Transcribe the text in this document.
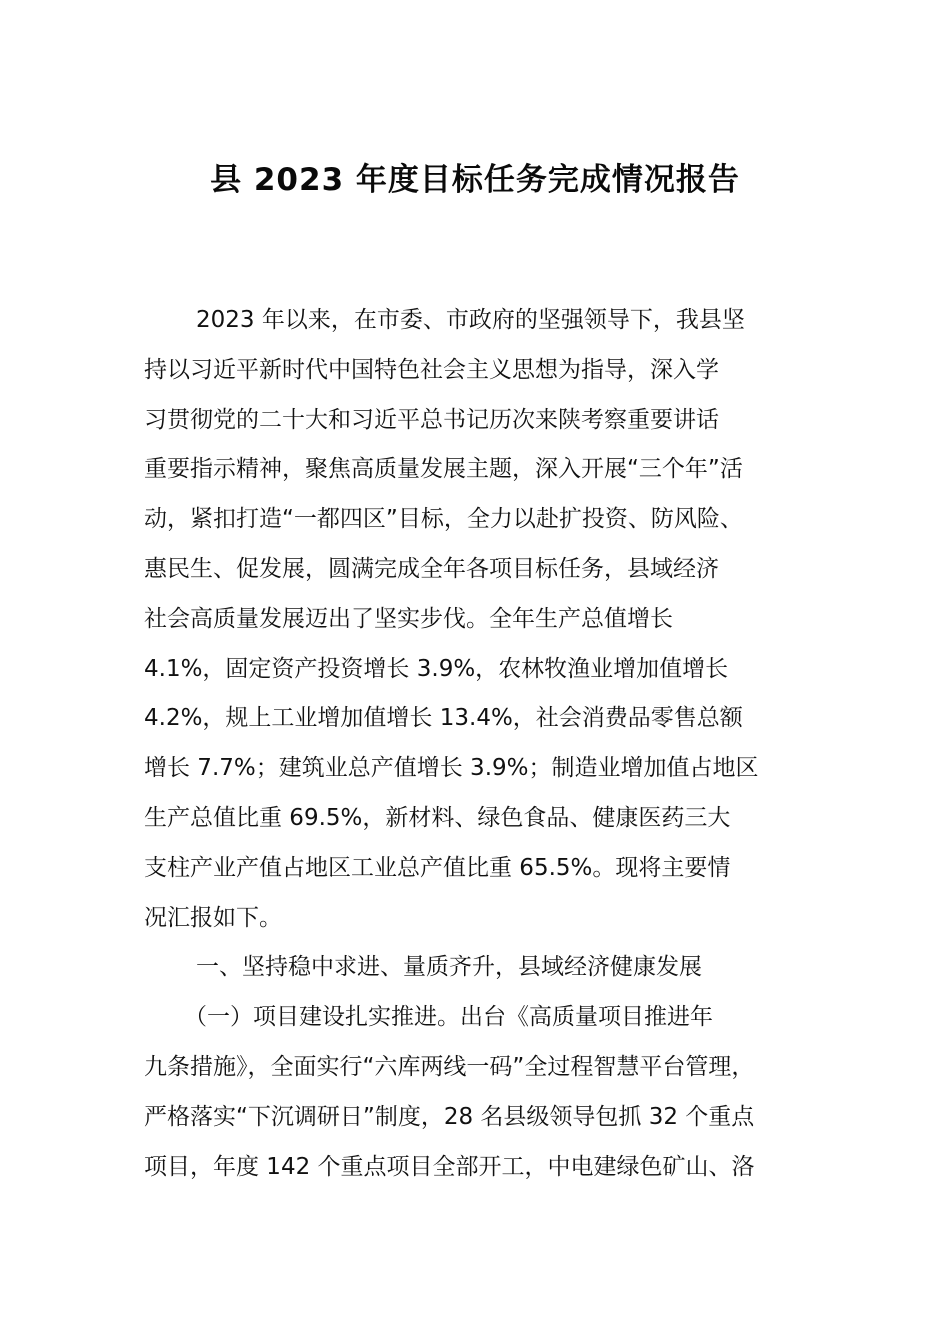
县 2023 年度目标任务完成情况报告
2023 年以来，在市委、市政府的坚强领导下，我县坚
持以习近平新时代中国特色社会主义思想为指导，深入学
习贯彻党的二十大和习近平总书记历次来陕考察重要讲话
重要指示精神，聚焦高质量发展主题，深入开展“三个年”活
动，紧扣打造“一都四区”目标，全力以赴扩投资、防风险、
惠民生、促发展，圆满完成全年各项目标任务，县域经济
社会高质量发展迈出了坚实步伐。全年生产总值增长
4.1%，固定资产投资增长 3.9%，农林牧渔业增加值增长
4.2%，规上工业增加值增长 13.4%，社会消费品零售总额
增长 7.7%；建筑业总产值增长 3.9%；制造业增加值占地区
生产总值比重 69.5%，新材料、绿色食品、健康医药三大
支柱产业产值占地区工业总产值比重 65.5%。现将主要情
况汇报如下。
一、坚持稳中求进、量质齐升，县域经济健康发展
（一）项目建设扎实推进。出台《高质量项目推进年
九条措施》，全面实行“六库两线一码”全过程智慧平台管理，
严格落实“下沉调研日”制度，28 名县级领导包抓 32 个重点
项目，年度 142 个重点项目全部开工，中电建绿色矿山、洛
